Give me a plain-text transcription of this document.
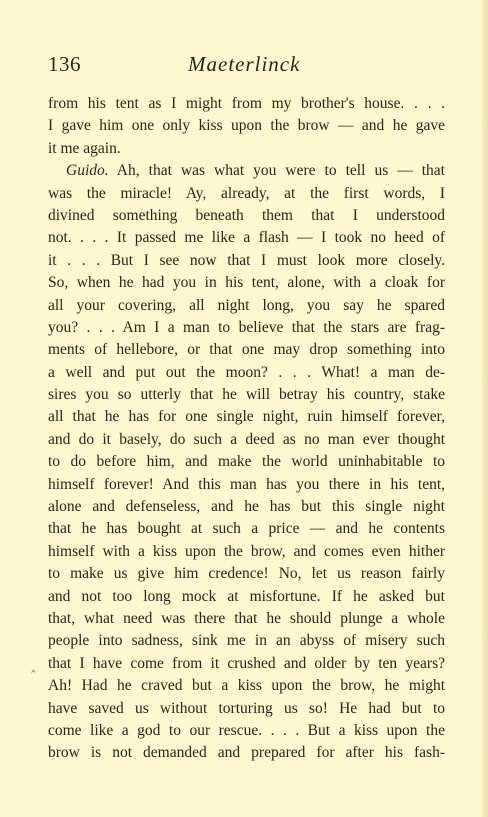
136	Maeterlinck
from his tent as I might from my brother's house. . . .
I gave him one only kiss upon the brow — and he gave
it me again.
Guido. Ah, that was what you were to tell us — that
was the miracle! Ay, already, at the first words, I
divined something beneath them that I understood
not. . . . It passed me like a flash — I took no heed of
it . . . But I see now that I must look more closely.
So, when he had you in his tent, alone, with a cloak for
all your covering, all night long, you say he spared
you? . . . Am I a man to believe that the stars are frag-
ments of hellebore, or that one may drop something into
a well and put out the moon? . . . What! a man de-
sires you so utterly that he will betray his country, stake
all that he has for one single night, ruin himself forever,
and do it basely, do such a deed as no man ever thought
to do before him, and make the world uninhabitable to
himself forever! And this man has you there in his tent,
alone and defenseless, and he has but this single night
that he has bought at such a price — and he contents
himself with a kiss upon the brow, and comes even hither
to make us give him credence! No, let us reason fairly
and not too long mock at misfortune. If he asked but
that, what need was there that he should plunge a whole
people into sadness, sink me in an abyss of misery such
that I have come from it crushed and older by ten years?
Ah! Had he craved but a kiss upon the brow, he might
have saved us without torturing us so! He had but to
come like a god to our rescue. . . . But a kiss upon the
brow is not demanded and prepared for after his fash-
‸
